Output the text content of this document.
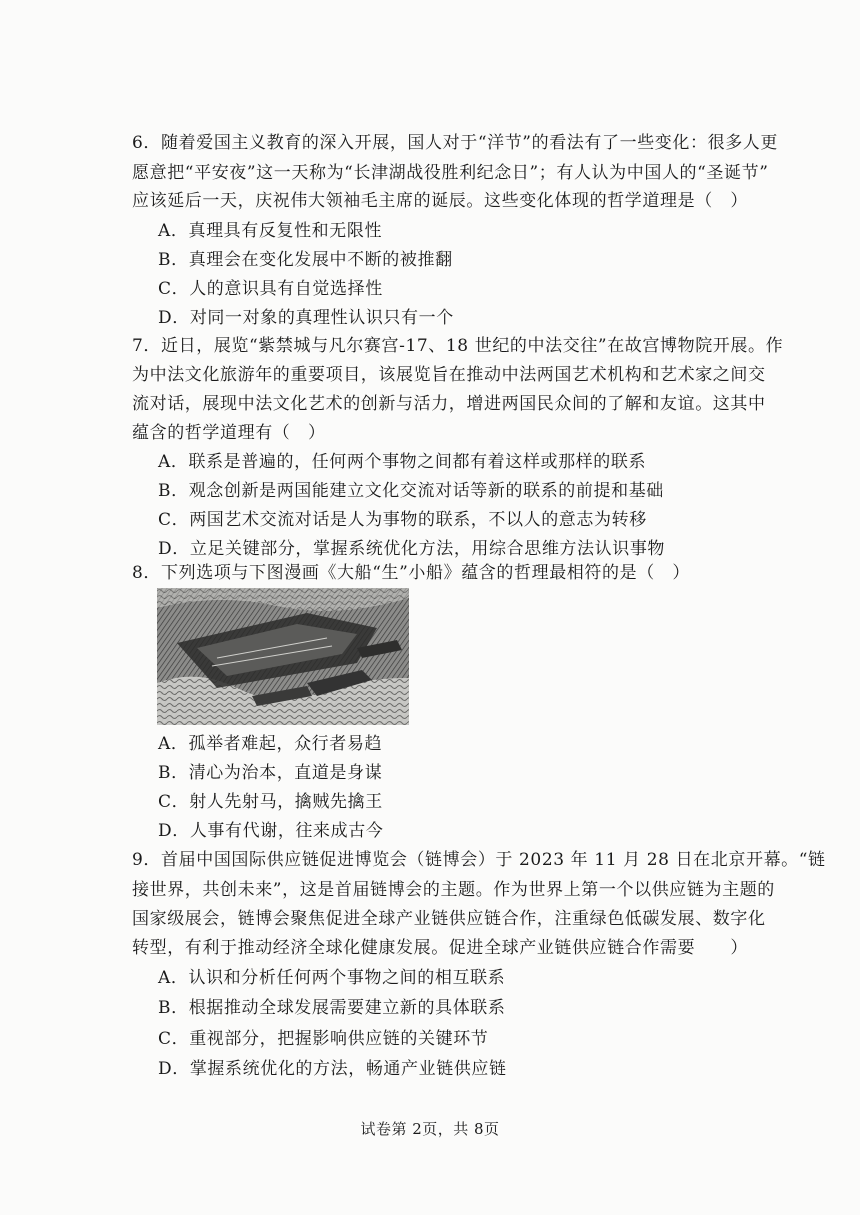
6．随着爱国主义教育的深入开展，国人对于“洋节”的看法有了一些变化：很多人更
愿意把“平安夜”这一天称为“长津湖战役胜利纪念日”；有人认为中国人的“圣诞节”
应该延后一天，庆祝伟大领袖毛主席的诞辰。这些变化体现的哲学道理是（　）
A．真理具有反复性和无限性
B．真理会在变化发展中不断的被推翻
C．人的意识具有自觉选择性
D．对同一对象的真理性认识只有一个
7．近日，展览“紫禁城与凡尔赛宫-17、18 世纪的中法交往”在故宫博物院开展。作
为中法文化旅游年的重要项目，该展览旨在推动中法两国艺术机构和艺术家之间交
流对话，展现中法文化艺术的创新与活力，增进两国民众间的了解和友谊。这其中
蕴含的哲学道理有（　）
A．联系是普遍的，任何两个事物之间都有着这样或那样的联系
B．观念创新是两国能建立文化交流对话等新的联系的前提和基础
C．两国艺术交流对话是人为事物的联系，不以人的意志为转移
D．立足关键部分，掌握系统优化方法，用综合思维方法认识事物
8．下列选项与下图漫画《大船“生”小船》蕴含的哲理最相符的是（　）
A．孤举者难起，众行者易趋
B．清心为治本，直道是身谋
C．射人先射马，擒贼先擒王
D．人事有代谢，往来成古今
9．首届中国国际供应链促进博览会（链博会）于 2023 年 11 月 28 日在北京开幕。“链
接世界，共创未来”，这是首届链博会的主题。作为世界上第一个以供应链为主题的
国家级展会，链博会聚焦促进全球产业链供应链合作，注重绿色低碳发展、数字化
转型，有利于推动经济全球化健康发展。促进全球产业链供应链合作需要　　）
A．认识和分析任何两个事物之间的相互联系
B．根据推动全球发展需要建立新的具体联系
C．重视部分，把握影响供应链的关键环节
D．掌握系统优化的方法，畅通产业链供应链
试卷第 2页，共 8页
